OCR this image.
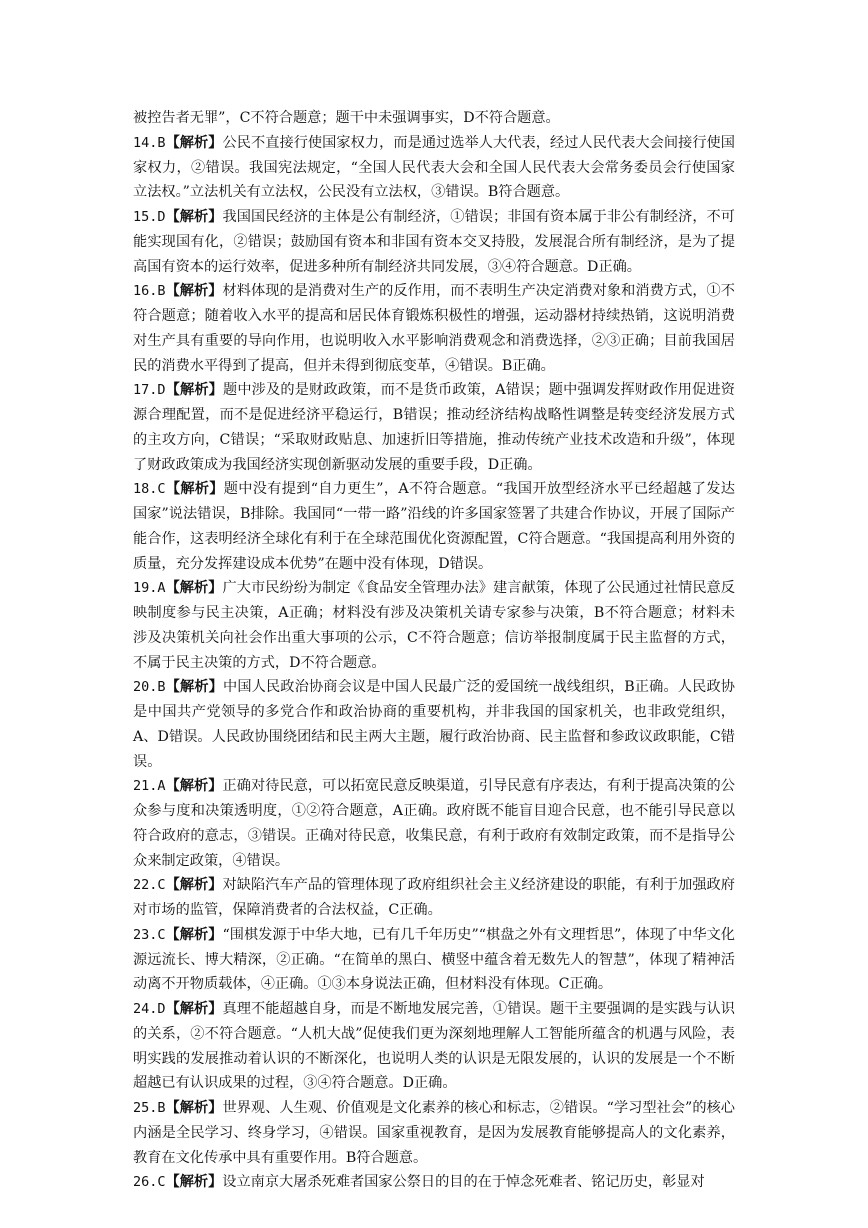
被控告者无罪”，C不符合题意；题干中未强调事实，D不符合题意。

14.B【解析】公民不直接行使国家权力，而是通过选举人大代表，经过人民代表大会间接行使国家权力，②错误。我国宪法规定，“全国人民代表大会和全国人民代表大会常务委员会行使国家立法权。”立法机关有立法权，公民没有立法权，③错误。B符合题意。

15.D【解析】我国国民经济的主体是公有制经济，①错误；非国有资本属于非公有制经济，不可能实现国有化，②错误；鼓励国有资本和非国有资本交叉持股，发展混合所有制经济，是为了提高国有资本的运行效率，促进多种所有制经济共同发展，③④符合题意。D正确。

16.B【解析】材料体现的是消费对生产的反作用，而不表明生产决定消费对象和消费方式，①不符合题意；随着收入水平的提高和居民体育锻炼积极性的增强，运动器材持续热销，这说明消费对生产具有重要的导向作用，也说明收入水平影响消费观念和消费选择，②③正确；目前我国居民的消费水平得到了提高，但并未得到彻底变革，④错误。B正确。

17.D【解析】题中涉及的是财政政策，而不是货币政策，A错误；题中强调发挥财政作用促进资源合理配置，而不是促进经济平稳运行，B错误；推动经济结构战略性调整是转变经济发展方式的主攻方向，C错误；“采取财政贴息、加速折旧等措施，推动传统产业技术改造和升级”，体现了财政政策成为我国经济实现创新驱动发展的重要手段，D正确。

18.C【解析】题中没有提到“自力更生”，A不符合题意。“我国开放型经济水平已经超越了发达国家”说法错误，B排除。我国同“一带一路”沿线的许多国家签署了共建合作协议，开展了国际产能合作，这表明经济全球化有利于在全球范围优化资源配置，C符合题意。“我国提高利用外资的质量，充分发挥建设成本优势”在题中没有体现，D错误。

19.A【解析】广大市民纷纷为制定《食品安全管理办法》建言献策，体现了公民通过社情民意反映制度参与民主决策，A正确；材料没有涉及决策机关请专家参与决策，B不符合题意；材料未涉及决策机关向社会作出重大事项的公示，C不符合题意；信访举报制度属于民主监督的方式，不属于民主决策的方式，D不符合题意。

20.B【解析】中国人民政治协商会议是中国人民最广泛的爱国统一战线组织，B正确。人民政协是中国共产党领导的多党合作和政治协商的重要机构，并非我国的国家机关，也非政党组织，A、D错误。人民政协围绕团结和民主两大主题，履行政治协商、民主监督和参政议政职能，C错误。

21.A【解析】正确对待民意，可以拓宽民意反映渠道，引导民意有序表达，有利于提高决策的公众参与度和决策透明度，①②符合题意，A正确。政府既不能盲目迎合民意，也不能引导民意以符合政府的意志，③错误。正确对待民意，收集民意，有利于政府有效制定政策，而不是指导公众来制定政策，④错误。

22.C【解析】对缺陷汽车产品的管理体现了政府组织社会主义经济建设的职能，有利于加强政府对市场的监管，保障消费者的合法权益，C正确。

23.C【解析】“围棋发源于中华大地，已有几千年历史”“棋盘之外有文理哲思”，体现了中华文化源远流长、博大精深，②正确。“在简单的黑白、横竖中蕴含着无数先人的智慧”，体现了精神活动离不开物质载体，④正确。①③本身说法正确，但材料没有体现。C正确。

24.D【解析】真理不能超越自身，而是不断地发展完善，①错误。题干主要强调的是实践与认识的关系，②不符合题意。“人机大战”促使我们更为深刻地理解人工智能所蕴含的机遇与风险，表明实践的发展推动着认识的不断深化，也说明人类的认识是无限发展的，认识的发展是一个不断超越已有认识成果的过程，③④符合题意。D正确。

25.B【解析】世界观、人生观、价值观是文化素养的核心和标志，②错误。“学习型社会”的核心内涵是全民学习、终身学习，④错误。国家重视教育，是因为发展教育能够提高人的文化素养，教育在文化传承中具有重要作用。B符合题意。

26.C【解析】设立南京大屠杀死难者国家公祭日的目的在于悼念死难者、铭记历史，彰显对
